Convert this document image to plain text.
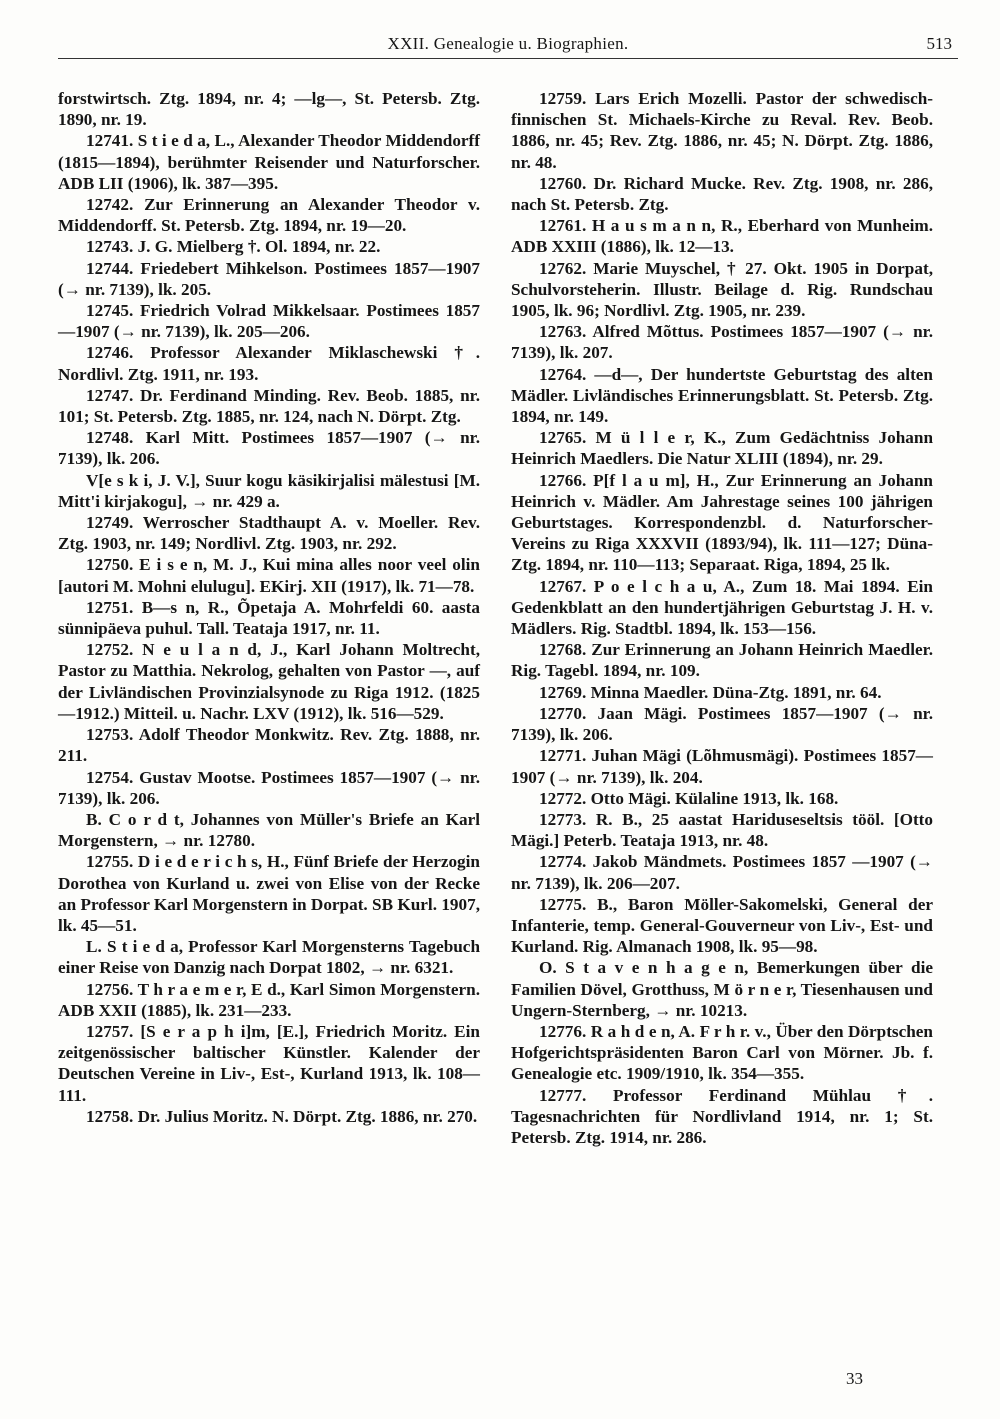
XXII. Genealogie u. Biographien.	513

forstwirtsch. Ztg. 1894, nr. 4; —lg—, St. Petersb. Ztg. 1890, nr. 19.

12741. S t i e d a, L., Alexander Theodor Middendorff (1815—1894), berühmter Reisender und Naturforscher. ADB LII (1906), lk. 387—395.

12742. Zur Erinnerung an Alexander Theodor v. Middendorff. St. Petersb. Ztg. 1894, nr. 19—20.

12743. J. G. Mielberg †. Ol. 1894, nr. 22.

12744. Friedebert Mihkelson. Postimees 1857—1907 (→ nr. 7139), lk. 205.

12745. Friedrich Volrad Mikkelsaar. Postimees 1857—1907 (→ nr. 7139), lk. 205—206.

12746. Professor Alexander Miklaschewski †. Nordlivl. Ztg. 1911, nr. 193.

12747. Dr. Ferdinand Minding. Rev. Beob. 1885, nr. 101; St. Petersb. Ztg. 1885, nr. 124, nach N. Dörpt. Ztg.

12748. Karl Mitt. Postimees 1857—1907 (→ nr. 7139), lk. 206.

V[e s k i, J. V.], Suur kogu käsikirjalisi mälestusi [M. Mitt'i kirjakogu], → nr. 429 a.

12749. Werroscher Stadthaupt A. v. Moeller. Rev. Ztg. 1903, nr. 149; Nordlivl. Ztg. 1903, nr. 292.

12750. E i s e n, M. J., Kui mina alles noor veel olin [autori M. Mohni elulugu]. EKirj. XII (1917), lk. 71—78.

12751. B—s n, R., Õpetaja A. Mohrfeldi 60. aasta sünnipäeva puhul. Tall. Teataja 1917, nr. 11.

12752. N e u l a n d, J., Karl Johann Moltrecht, Pastor zu Matthia. Nekrolog, gehalten von Pastor —, auf der Livländischen Provinzialsynode zu Riga 1912. (1825—1912.) Mitteil. u. Nachr. LXV (1912), lk. 516—529.

12753. Adolf Theodor Monkwitz. Rev. Ztg. 1888, nr. 211.

12754. Gustav Mootse. Postimees 1857—1907 (→ nr. 7139), lk. 206.

B. C o r d t, Johannes von Müller's Briefe an Karl Morgenstern, → nr. 12780.

12755. D i e d e r i c h s, H., Fünf Briefe der Herzogin Dorothea von Kurland u. zwei von Elise von der Recke an Professor Karl Morgenstern in Dorpat. SB Kurl. 1907, lk. 45—51.

L. S t i e d a, Professor Karl Morgensterns Tagebuch einer Reise von Danzig nach Dorpat 1802, → nr. 6321.

12756. T h r a e m e r, E d., Karl Simon Morgenstern. ADB XXII (1885), lk. 231—233.

12757. [S e r a p h i]m, [E.], Friedrich Moritz. Ein zeitgenössischer baltischer Künstler. Kalender der Deutschen Vereine in Liv-, Est-, Kurland 1913, lk. 108—111.

12758. Dr. Julius Moritz. N. Dörpt. Ztg. 1886, nr. 270.

12759. Lars Erich Mozelli. Pastor der schwedisch-finnischen St. Michaels-Kirche zu Reval. Rev. Beob. 1886, nr. 45; Rev. Ztg. 1886, nr. 45; N. Dörpt. Ztg. 1886, nr. 48.

12760. Dr. Richard Mucke. Rev. Ztg. 1908, nr. 286, nach St. Petersb. Ztg.

12761. H a u s m a n n, R., Eberhard von Munheim. ADB XXIII (1886), lk. 12—13.

12762. Marie Muyschel, † 27. Okt. 1905 in Dorpat, Schulvorsteherin. Illustr. Beilage d. Rig. Rundschau 1905, lk. 96; Nordlivl. Ztg. 1905, nr. 239.

12763. Alfred Mõttus. Postimees 1857—1907 (→ nr. 7139), lk. 207.

12764. —d—, Der hundertste Geburtstag des alten Mädler. Livländisches Erinnerungsblatt. St. Petersb. Ztg. 1894, nr. 149.

12765. M ü l l e r, K., Zum Gedächtniss Johann Heinrich Maedlers. Die Natur XLIII (1894), nr. 29.

12766. P[f l a u m], H., Zur Erinnerung an Johann Heinrich v. Mädler. Am Jahrestage seines 100 jährigen Geburtstages. Korrespondenzbl. d. Naturforscher-Vereins zu Riga XXXVII (1893/94), lk. 111—127; Düna-Ztg. 1894, nr. 110—113; Separaat. Riga, 1894, 25 lk.

12767. P o e l c h a u, A., Zum 18. Mai 1894. Ein Gedenkblatt an den hundertjährigen Geburtstag J. H. v. Mädlers. Rig. Stadtbl. 1894, lk. 153—156.

12768. Zur Erinnerung an Johann Heinrich Maedler. Rig. Tagebl. 1894, nr. 109.

12769. Minna Maedler. Düna-Ztg. 1891, nr. 64.

12770. Jaan Mägi. Postimees 1857—1907 (→ nr. 7139), lk. 206.

12771. Juhan Mägi (Lõhmusmägi). Postimees 1857—1907 (→ nr. 7139), lk. 204.

12772. Otto Mägi. Külaline 1913, lk. 168.

12773. R. B., 25 aastat Hariduseseltsis tööl. [Otto Mägi.] Peterb. Teataja 1913, nr. 48.

12774. Jakob Mändmets. Postimees 1857 —1907 (→ nr. 7139), lk. 206—207.

12775. B., Baron Möller-Sakomelski, General der Infanterie, temp. General-Gouverneur von Liv-, Est- und Kurland. Rig. Almanach 1908, lk. 95—98.

O. S t a v e n h a g e n, Bemerkungen über die Familien Dövel, Grotthuss, M ö r n e r, Tiesenhausen und Ungern-Sternberg, → nr. 10213.

12776. R a h d e n, A. F r h r. v., Über den Dörptschen Hofgerichtspräsidenten Baron Carl von Mörner. Jb. f. Genealogie etc. 1909/1910, lk. 354—355.

12777. Professor Ferdinand Mühlau †. Tagesnachrichten für Nordlivland 1914, nr. 1; St. Petersb. Ztg. 1914, nr. 286.

33
